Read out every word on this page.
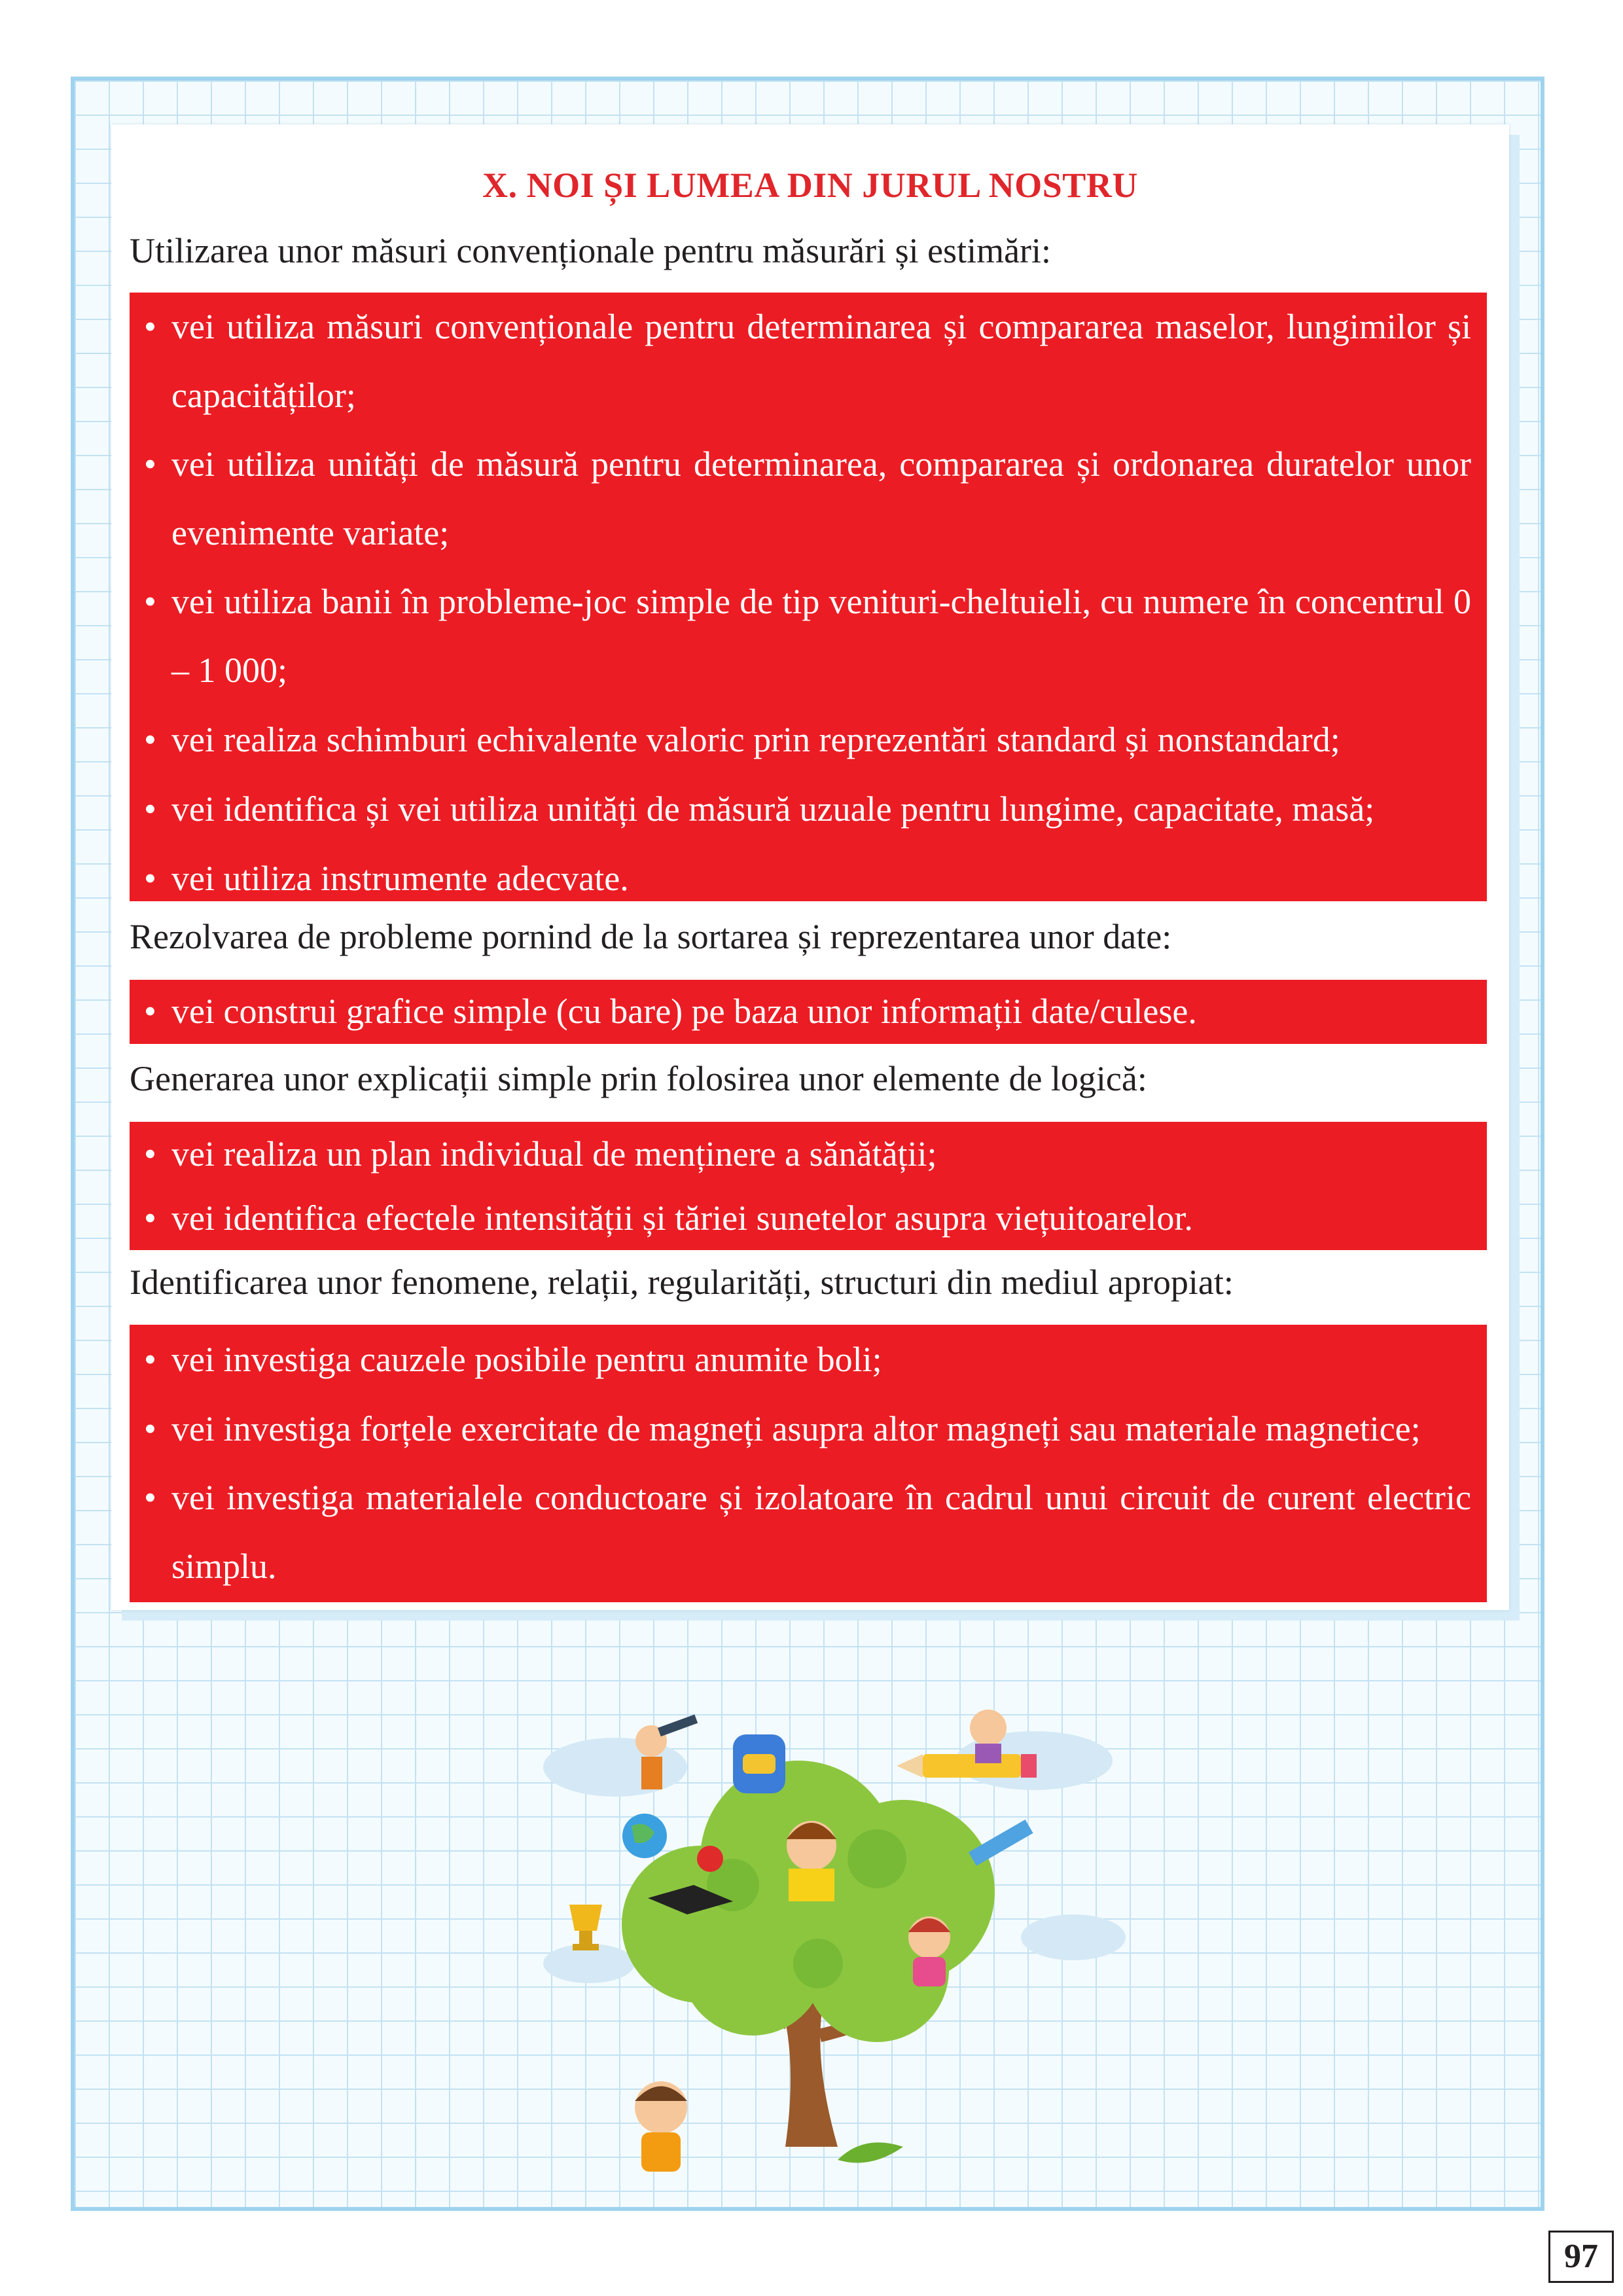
X. NOI ȘI LUMEA DIN JURUL NOSTRU
Utilizarea unor măsuri convenționale pentru măsurări și estimări:
• vei utiliza măsuri convenționale pentru determinarea și compararea maselor, lungimilor și capacităților;
• vei utiliza unități de măsură pentru determinarea, compararea și ordonarea duratelor unor evenimente variate;
• vei utiliza banii în probleme-joc simple de tip venituri-cheltuieli, cu numere în concentrul 0 – 1 000;
• vei realiza schimburi echivalente valoric prin reprezentări standard și nonstandard;
• vei identifica și vei utiliza unități de măsură uzuale pentru lungime, capacitate, masă;
• vei utiliza instrumente adecvate.
Rezolvarea de probleme pornind de la sortarea și reprezentarea unor date:
• vei construi grafice simple (cu bare) pe baza unor informații date/culese.
Generarea unor explicații simple prin folosirea unor elemente de logică:
• vei realiza un plan individual de menținere a sănătății;
• vei identifica efectele intensității și tăriei sunetelor asupra viețuitoarelor.
Identificarea unor fenomene, relații, regularități, structuri din mediul apropiat:
• vei investiga cauzele posibile pentru anumite boli;
• vei investiga forțele exercitate de magneți asupra altor magneți sau materiale magnetice;
• vei investiga materialele conductoare și izolatoare în cadrul unui circuit de curent electric simplu.
97
